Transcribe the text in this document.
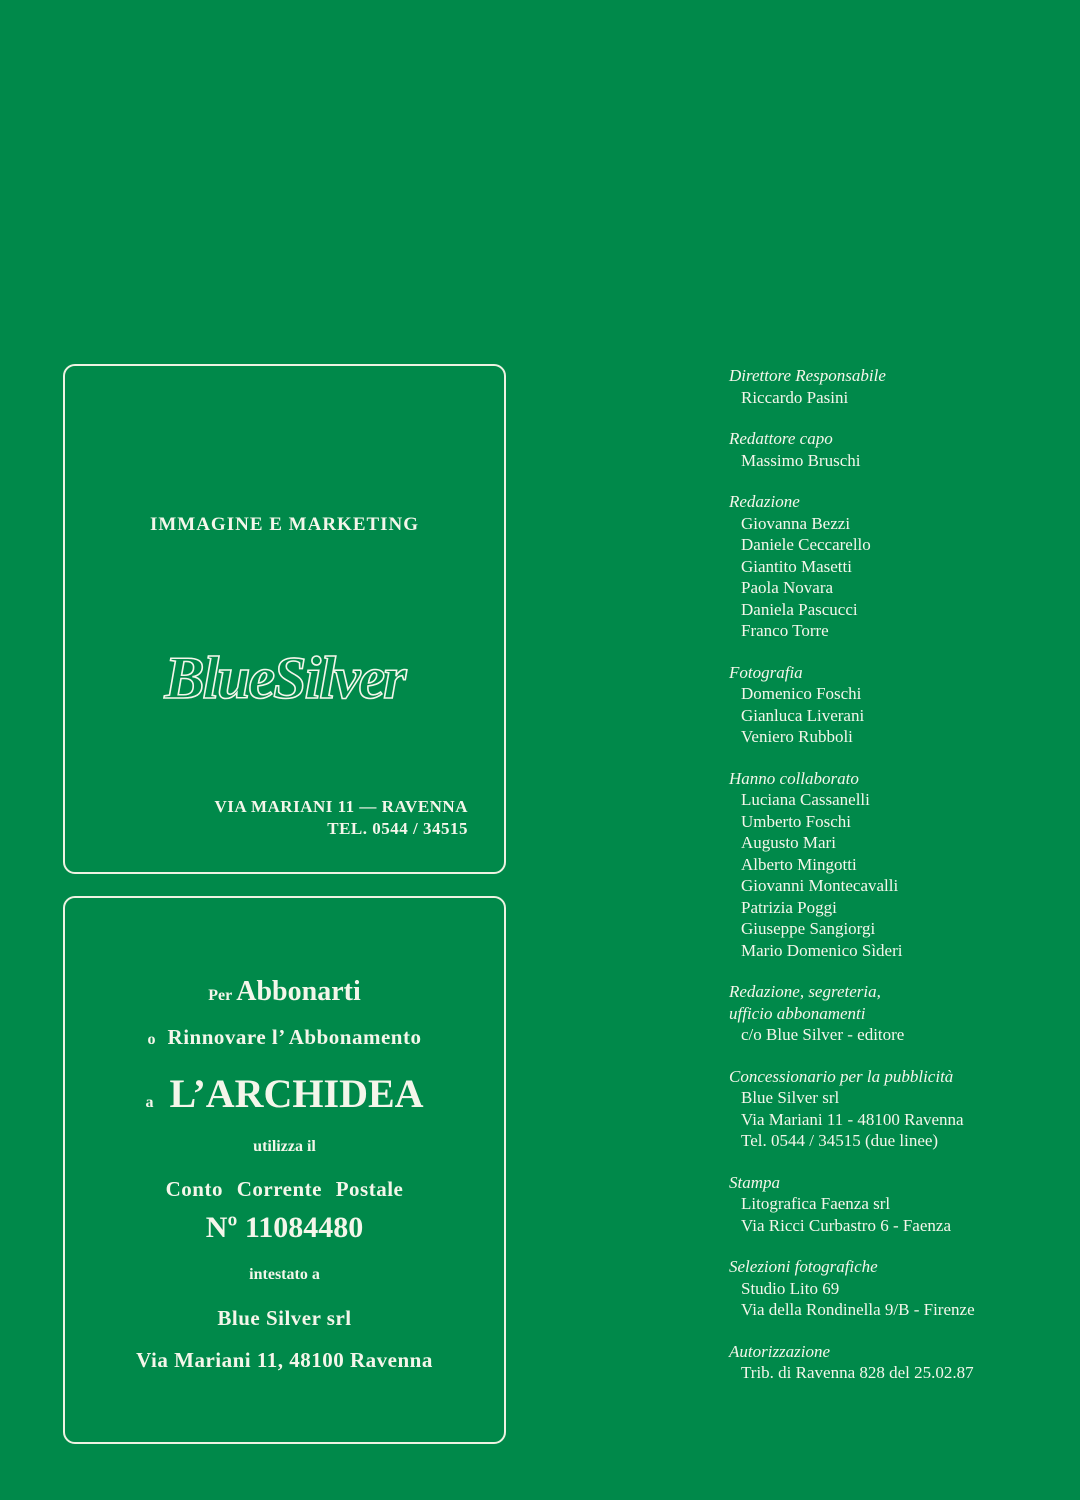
IMMAGINE E MARKETING
BlueSilver
VIA MARIANI 11 — RAVENNA
TEL. 0544 / 34515
Per Abbonarti
o Rinnovare l’ Abbonamento
a L’ARCHIDEA
utilizza il
Conto Corrente Postale
Nº 11084480
intestato a
Blue Silver srl
Via Mariani 11, 48100 Ravenna
Direttore Responsabile
Riccardo Pasini
Redattore capo
Massimo Bruschi
Redazione
Giovanna Bezzi
Daniele Ceccarello
Giantito Masetti
Paola Novara
Daniela Pascucci
Franco Torre
Fotografia
Domenico Foschi
Gianluca Liverani
Veniero Rubboli
Hanno collaborato
Luciana Cassanelli
Umberto Foschi
Augusto Mari
Alberto Mingotti
Giovanni Montecavalli
Patrizia Poggi
Giuseppe Sangiorgi
Mario Domenico Sìderi
Redazione, segreteria,
ufficio abbonamenti
c/o Blue Silver - editore
Concessionario per la pubblicità
Blue Silver srl
Via Mariani 11 - 48100 Ravenna
Tel. 0544 / 34515 (due linee)
Stampa
Litografica Faenza srl
Via Ricci Curbastro 6 - Faenza
Selezioni fotografiche
Studio Lito 69
Via della Rondinella 9/B - Firenze
Autorizzazione
Trib. di Ravenna 828 del 25.02.87
